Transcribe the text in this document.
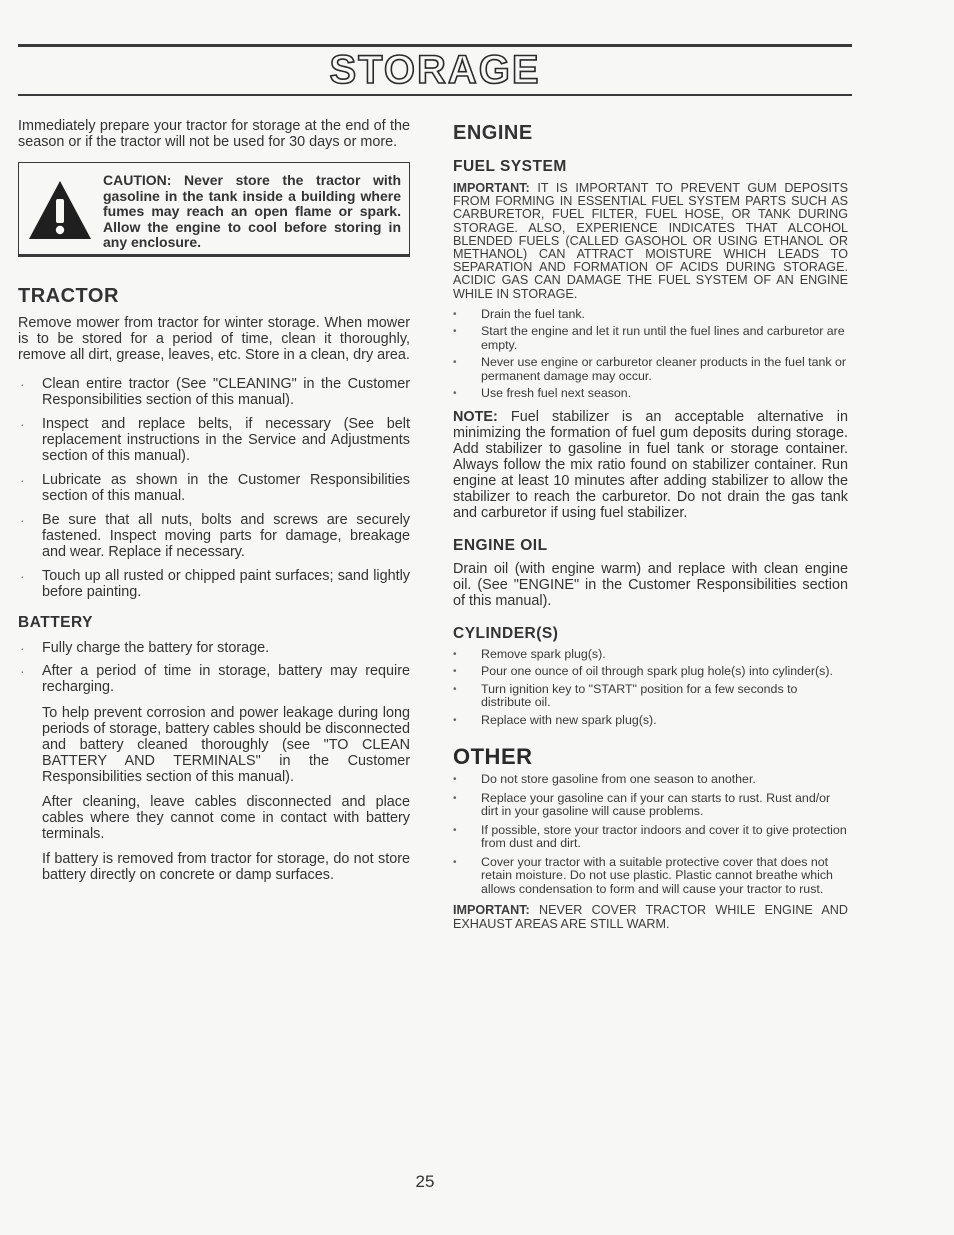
STORAGE

Immediately prepare your tractor for storage at the end of the season or if the tractor will not be used for 30 days or more.

CAUTION: Never store the tractor with gasoline in the tank inside a building where fumes may reach an open flame or spark. Allow the engine to cool before storing in any enclosure.
TRACTOR

Remove mower from tractor for winter storage. When mower is to be stored for a period of time, clean it thoroughly, remove all dirt, grease, leaves, etc. Store in a clean, dry area.

· Clean entire tractor (See "CLEANING" in the Customer Responsibilities section of this manual).
· Inspect and replace belts, if necessary (See belt replacement instructions in the Service and Adjustments section of this manual).
· Lubricate as shown in the Customer Responsibilities section of this manual.
· Be sure that all nuts, bolts and screws are securely fastened. Inspect moving parts for damage, breakage and wear. Replace if necessary.
· Touch up all rusted or chipped paint surfaces; sand lightly before painting.
BATTERY
· Fully charge the battery for storage.
· After a period of time in storage, battery may require recharging.

To help prevent corrosion and power leakage during long periods of storage, battery cables should be disconnected and battery cleaned thoroughly (see "TO CLEAN BATTERY AND TERMINALS" in the Customer Responsibilities section of this manual).

After cleaning, leave cables disconnected and place cables where they cannot come in contact with battery terminals.

If battery is removed from tractor for storage, do not store battery directly on concrete or damp surfaces.

ENGINE
FUEL SYSTEM

IMPORTANT: IT IS IMPORTANT TO PREVENT GUM DEPOSITS FROM FORMING IN ESSENTIAL FUEL SYSTEM PARTS SUCH AS CARBURETOR, FUEL FILTER, FUEL HOSE, OR TANK DURING STORAGE. ALSO, EXPERIENCE INDICATES THAT ALCOHOL BLENDED FUELS (CALLED GASOHOL OR USING ETHANOL OR METHANOL) CAN ATTRACT MOISTURE WHICH LEADS TO SEPARATION AND FORMATION OF ACIDS DURING STORAGE. ACIDIC GAS CAN DAMAGE THE FUEL SYSTEM OF AN ENGINE WHILE IN STORAGE.

• Drain the fuel tank.
• Start the engine and let it run until the fuel lines and carburetor are empty.
• Never use engine or carburetor cleaner products in the fuel tank or permanent damage may occur.
• Use fresh fuel next season.

NOTE: Fuel stabilizer is an acceptable alternative in minimizing the formation of fuel gum deposits during storage. Add stabilizer to gasoline in fuel tank or storage container. Always follow the mix ratio found on stabilizer container. Run engine at least 10 minutes after adding stabilizer to allow the stabilizer to reach the carburetor. Do not drain the gas tank and carburetor if using fuel stabilizer.

ENGINE OIL

Drain oil (with engine warm) and replace with clean engine oil. (See "ENGINE" in the Customer Responsibilities section of this manual).

CYLINDER(S)
• Remove spark plug(s).
• Pour one ounce of oil through spark plug hole(s) into cylinder(s).
• Turn ignition key to "START" position for a few seconds to distribute oil.
• Replace with new spark plug(s).
OTHER
• Do not store gasoline from one season to another.
• Replace your gasoline can if your can starts to rust. Rust and/or dirt in your gasoline will cause problems.
• If possible, store your tractor indoors and cover it to give protection from dust and dirt.
• Cover your tractor with a suitable protective cover that does not retain moisture. Do not use plastic. Plastic cannot breathe which allows condensation to form and will cause your tractor to rust.

IMPORTANT: NEVER COVER TRACTOR WHILE ENGINE AND EXHAUST AREAS ARE STILL WARM.

25
